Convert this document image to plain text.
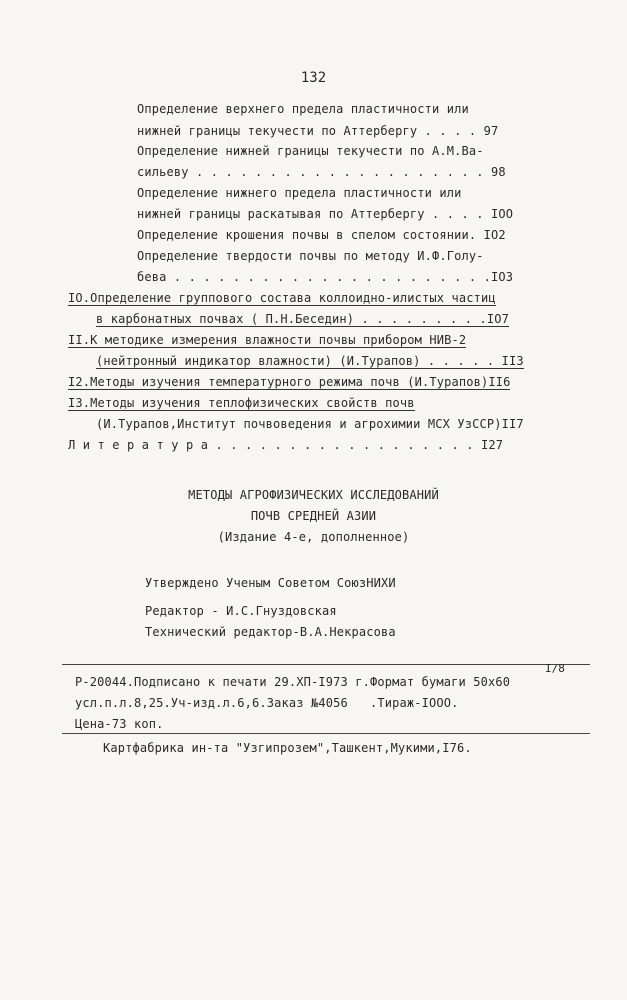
132
Определение верхнего предела пластичности или
нижней границы текучести по Аттербергу . . . . 97
Определение нижней границы текучести по А.М.Ва-
сильеву . . . . . . . . . . . . . . . . . . . . 98
Определение нижнего предела пластичности или
нижней границы раскатывая по Аттербергу . . . . IOO
Определение крошения почвы в спелом состоянии. IO2
Определение твердости почвы по методу И.Ф.Голу-
бева . . . . . . . . . . . . . . . . . . . . . .IO3
IO.Определение группового состава коллоидно-илистых частиц
в карбонатных почвах ( П.Н.Беседин) . . . . . . . . .IO7
II.К методике измерения влажности почвы прибором НИВ-2
(нейтронный индикатор влажности) (И.Турапов) . . . . . II3
I2.Методы изучения температурного режима почв (И.Турапов)II6
I3.Методы изучения теплофизических свойств почв
(И.Турапов,Институт почвоведения и агрохимии МСХ УзССР)II7
Л и т е р а т у р а . . . . . . . . . . . . . . . . . . I27
МЕТОДЫ АГРОФИЗИЧЕСКИХ ИССЛЕДОВАНИЙ
ПОЧВ СРЕДНЕЙ АЗИИ
(Издание 4-е, дополненное)
Утверждено Ученым Советом СоюзНИХИ
Редактор - И.С.Гнyздовская
Технический редактор-В.А.Некрасова
Р-20044.Подписано к печати 29.ХП-I973 г.Формат бумаги 50х60
I/8
усл.п.л.8,25.Уч-изд.л.6,6.Заказ №4056   .Тираж-IOOO.
Цена-73 коп.
Картфабрика ин-та "Узгипрозем",Ташкент,Мукими,I76.
